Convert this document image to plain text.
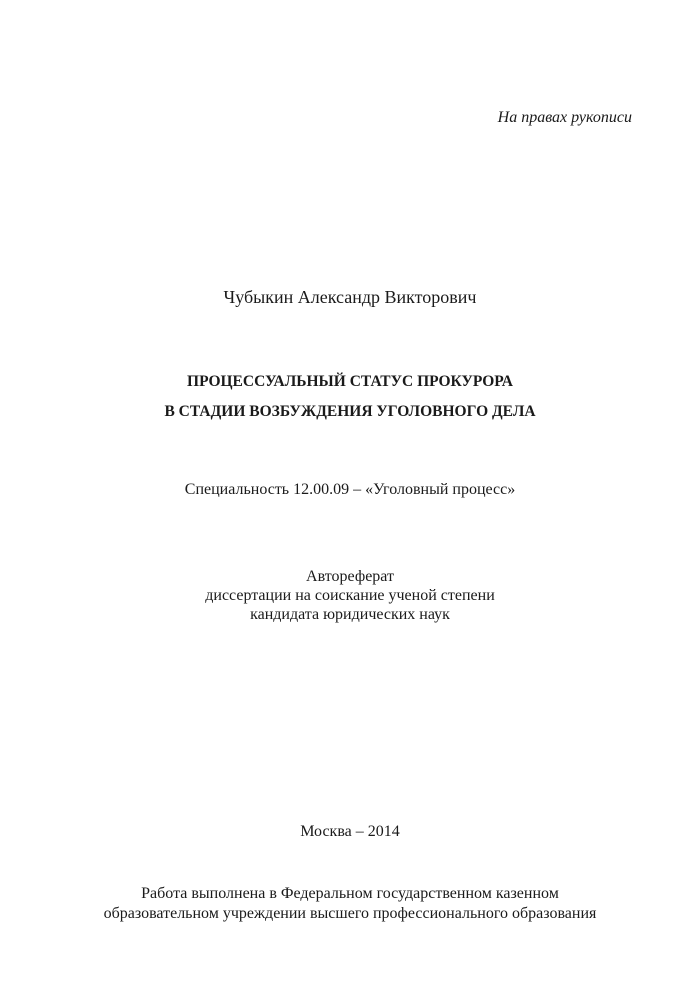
На правах рукописи
Чубыкин Александр Викторович
ПРОЦЕССУАЛЬНЫЙ СТАТУС ПРОКУРОРА
В СТАДИИ ВОЗБУЖДЕНИЯ УГОЛОВНОГО ДЕЛА
Специальность 12.00.09 – «Уголовный процесс»
Автореферат
диссертации на соискание ученой степени
кандидата юридических наук
Москва – 2014
Работа выполнена в Федеральном государственном казенном
образовательном учреждении высшего профессионального образования
